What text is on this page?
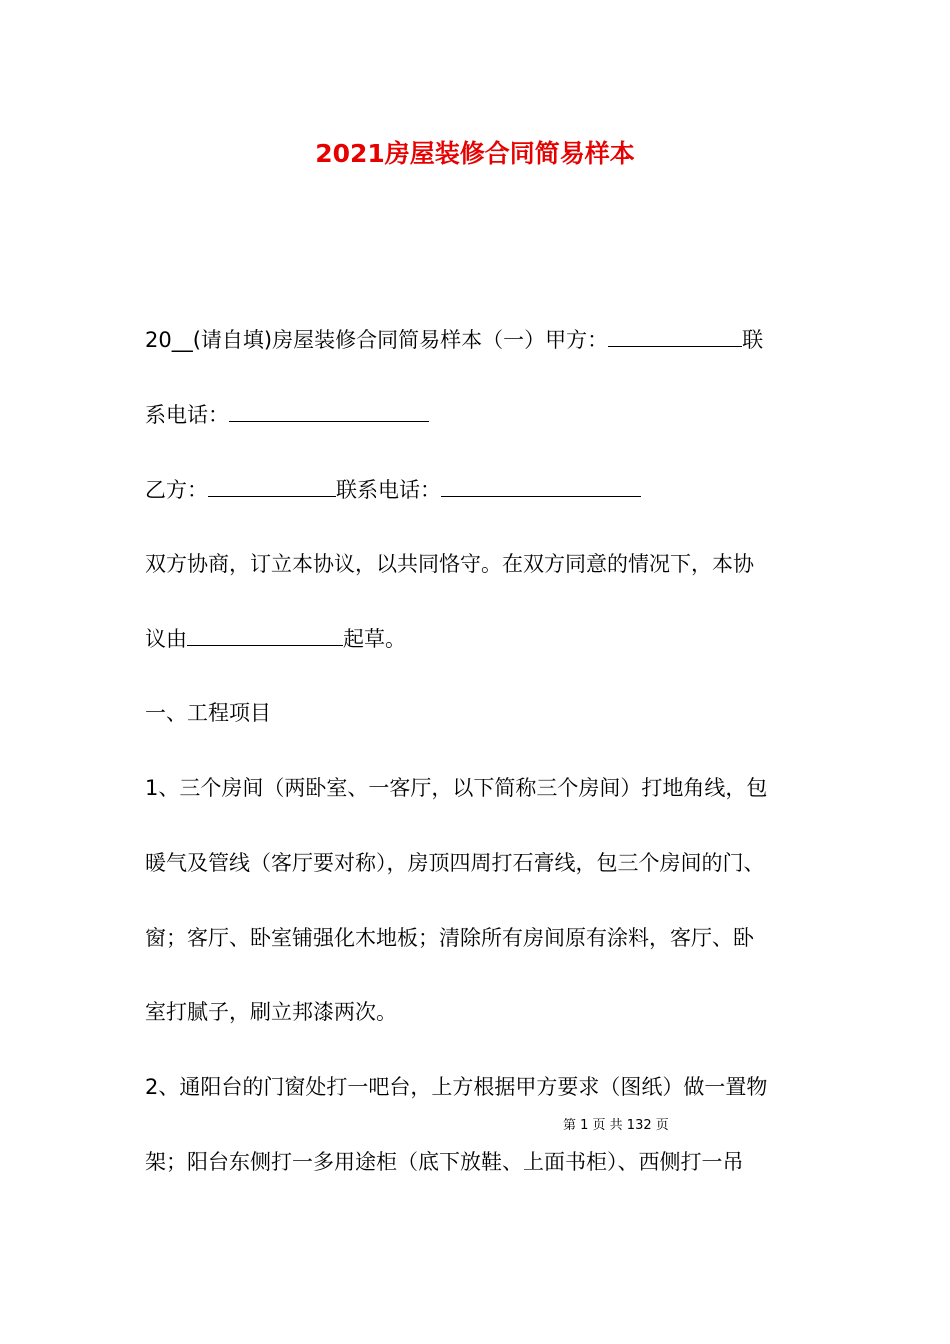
2021房屋装修合同简易样本
20__(请自填)房屋装修合同简易样本（一）甲方：	联
系电话：
乙方：	联系电话：
双方协商，订立本协议，以共同恪守。在双方同意的情况下，本协
议由	起草。
一、工程项目
1、三个房间（两卧室、一客厅，以下简称三个房间）打地角线，包
暖气及管线（客厅要对称），房顶四周打石膏线，包三个房间的门、
窗；客厅、卧室铺强化木地板；清除所有房间原有涂料，客厅、卧
室打腻子，刷立邦漆两次。
2、通阳台的门窗处打一吧台，上方根据甲方要求（图纸）做一置物
第 1 页 共 132 页
架；阳台东侧打一多用途柜（底下放鞋、上面书柜）、西侧打一吊
